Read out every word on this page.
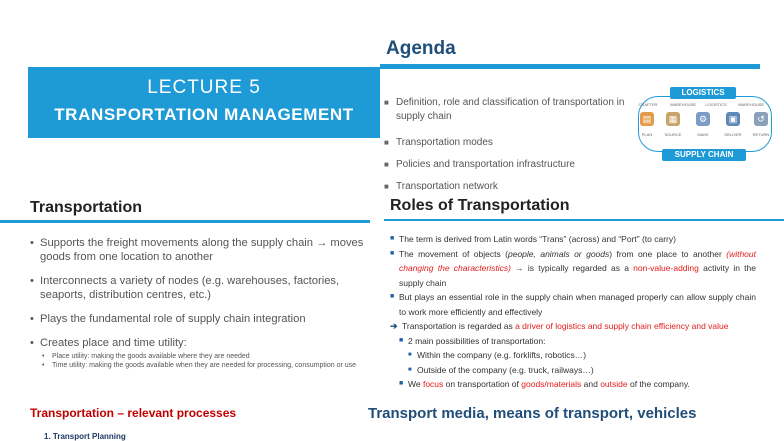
LECTURE 5
TRANSPORTATION MANAGEMENT
Agenda
■ Definition, role and classification of transportation in
supply chain
■ Transportation modes
■ Policies and transportation infrastructure
■ Transportation network
LOGISTICS
CRAFTER	WAREHOUSE	LOGISTICS	WAREHOUSE
▤	▦	⚙	▣	↺
PLAN	SOURCE	MAKE	DELIVER	RETURN
SUPPLY CHAIN
Transportation
• Supports the freight movements along the supply chain → moves goods from one location to another
• Interconnects a variety of nodes (e.g. warehouses, factories, seaports, distribution centres, etc.)
• Plays the fundamental role of supply chain integration
• Creates place and time utility:
• Place utility: making the goods available where they are needed
• Time utility: making the goods available when they are needed for processing, consumption or use
Roles of Transportation
■ The term is derived from Latin words “Trans” (across) and “Port” (to carry)
■ The movement of objects (people, animals or goods) from one place to another (without changing the characteristics) → is typically regarded as a non-value-adding activity in the supply chain
■ But plays an essential role in the supply chain when managed properly can allow supply chain to work more efficiently and effectively
➔ Transportation is regarded as a driver of logistics and supply chain efficiency and value
■ 2 main possibilities of transportation:
■ Within the company (e.g. forklifts, robotics…)
■ Outside of the company (e.g. truck, railways…)
■ We focus on transportation of goods/materials and outside of the company.
Transportation – relevant processes
1. Transport Planning
Transport media, means of transport, vehicles
